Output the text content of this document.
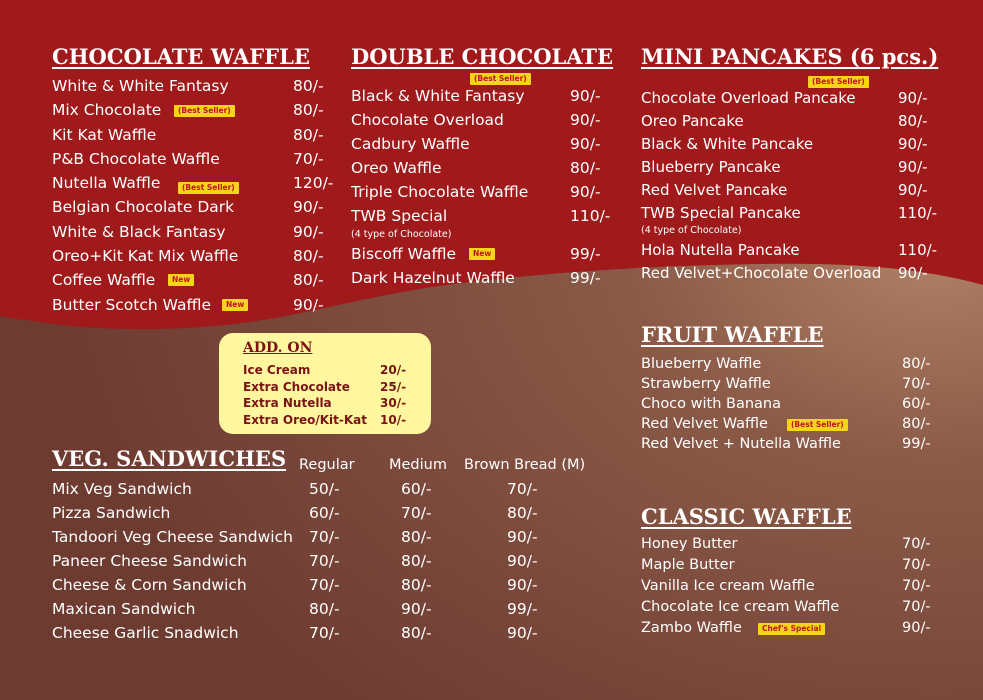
CHOCOLATE WAFFLE
White & White Fantasy	80/-
Mix Chocolate	(Best Seller)	80/-
Kit Kat Waffle	80/-
P&B Chocolate Waffle	70/-
Nutella Waffle	(Best Seller)	120/-
Belgian Chocolate Dark	90/-
White & Black Fantasy	90/-
Oreo+Kit Kat Mix Waffle	80/-
Coffee Waffle	New	80/-
Butter Scotch Waffle	New	90/-
DOUBLE CHOCOLATE
(Best Seller)
Black & White Fantasy	90/-
Chocolate Overload	90/-
Cadbury Waffle	90/-
Oreo Waffle	80/-
Triple Chocolate Waffle	90/-
TWB Special	110/-
(4 type of Chocolate)
Biscoff Waffle	New	99/-
Dark Hazelnut Waffle	99/-
MINI PANCAKES (6 pcs.)
(Best Seller)
Chocolate Overload Pancake	90/-
Oreo Pancake	80/-
Black & White Pancake	90/-
Blueberry Pancake	90/-
Red Velvet Pancake	90/-
TWB Special Pancake	110/-
(4 type of Chocolate)
Hola Nutella Pancake	110/-
Red Velvet+Chocolate Overload 90/-
FRUIT WAFFLE
Blueberry Waffle	80/-
Strawberry Waffle	70/-
Choco with Banana	60/-
Red Velvet Waffle	(Best Seller)	80/-
Red Velvet + Nutella Waffle	99/-
CLASSIC WAFFLE
Honey Butter	70/-
Maple Butter	70/-
Vanilla Ice cream Waffle	70/-
Chocolate Ice cream Waffle	70/-
Zambo Waffle	Chef's Special	90/-
ADD. ON
Ice Cream	20/-
Extra Chocolate	25/-
Extra Nutella	30/-
Extra Oreo/Kit-Kat 10/-
VEG. SANDWICHES Regular Medium Brown Bread (M)
Mix Veg Sandwich	50/-	60/-	70/-
Pizza Sandwich	60/-	70/-	80/-
Tandoori Veg Cheese Sandwich 70/-	80/-	90/-
Paneer Cheese Sandwich	70/-	80/-	90/-
Cheese & Corn Sandwich	70/-	80/-	90/-
Maxican Sandwich	80/-	90/-	99/-
Cheese Garlic Snadwich	70/-	80/-	90/-
